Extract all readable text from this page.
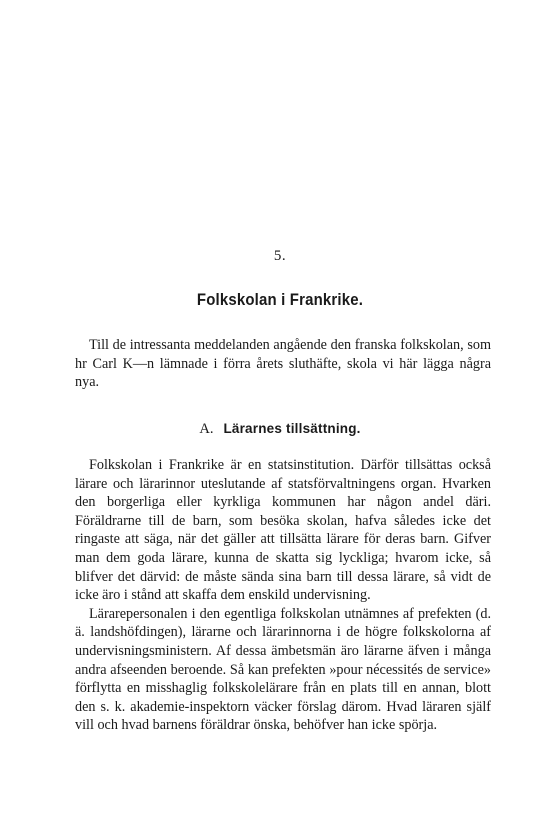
5.
Folkskolan i Frankrike.

Till de intressanta meddelanden angående den franska folkskolan, som hr Carl K—n lämnade i förra årets sluthäfte, skola vi här lägga några nya.

A. Lärarnes tillsättning.

Folkskolan i Frankrike är en statsinstitution. Därför tillsättas också lärare och lärarinnor uteslutande af statsförvaltningens organ. Hvarken den borgerliga eller kyrkliga kommunen har någon andel däri. Föräldrarne till de barn, som besöka skolan, hafva således icke det ringaste att säga, när det gäller att tillsätta lärare för deras barn. Gifver man dem goda lärare, kunna de skatta sig lyckliga; hvarom icke, så blifver det därvid: de måste sända sina barn till dessa lärare, så vidt de icke äro i stånd att skaffa dem enskild undervisning.

Lärarepersonalen i den egentliga folkskolan utnämnes af prefekten (d. ä. landshöfdingen), lärarne och lärarinnorna i de högre folkskolorna af undervisningsministern. Af dessa ämbetsmän äro lärarne äfven i många andra afseenden beroende. Så kan prefekten »pour nécessités de service» förflytta en misshaglig folkskolelärare från en plats till en annan, blott den s. k. akademie-inspektorn väcker förslag därom. Hvad läraren själf vill och hvad barnens föräldrar önska, behöfver han icke spörja.
